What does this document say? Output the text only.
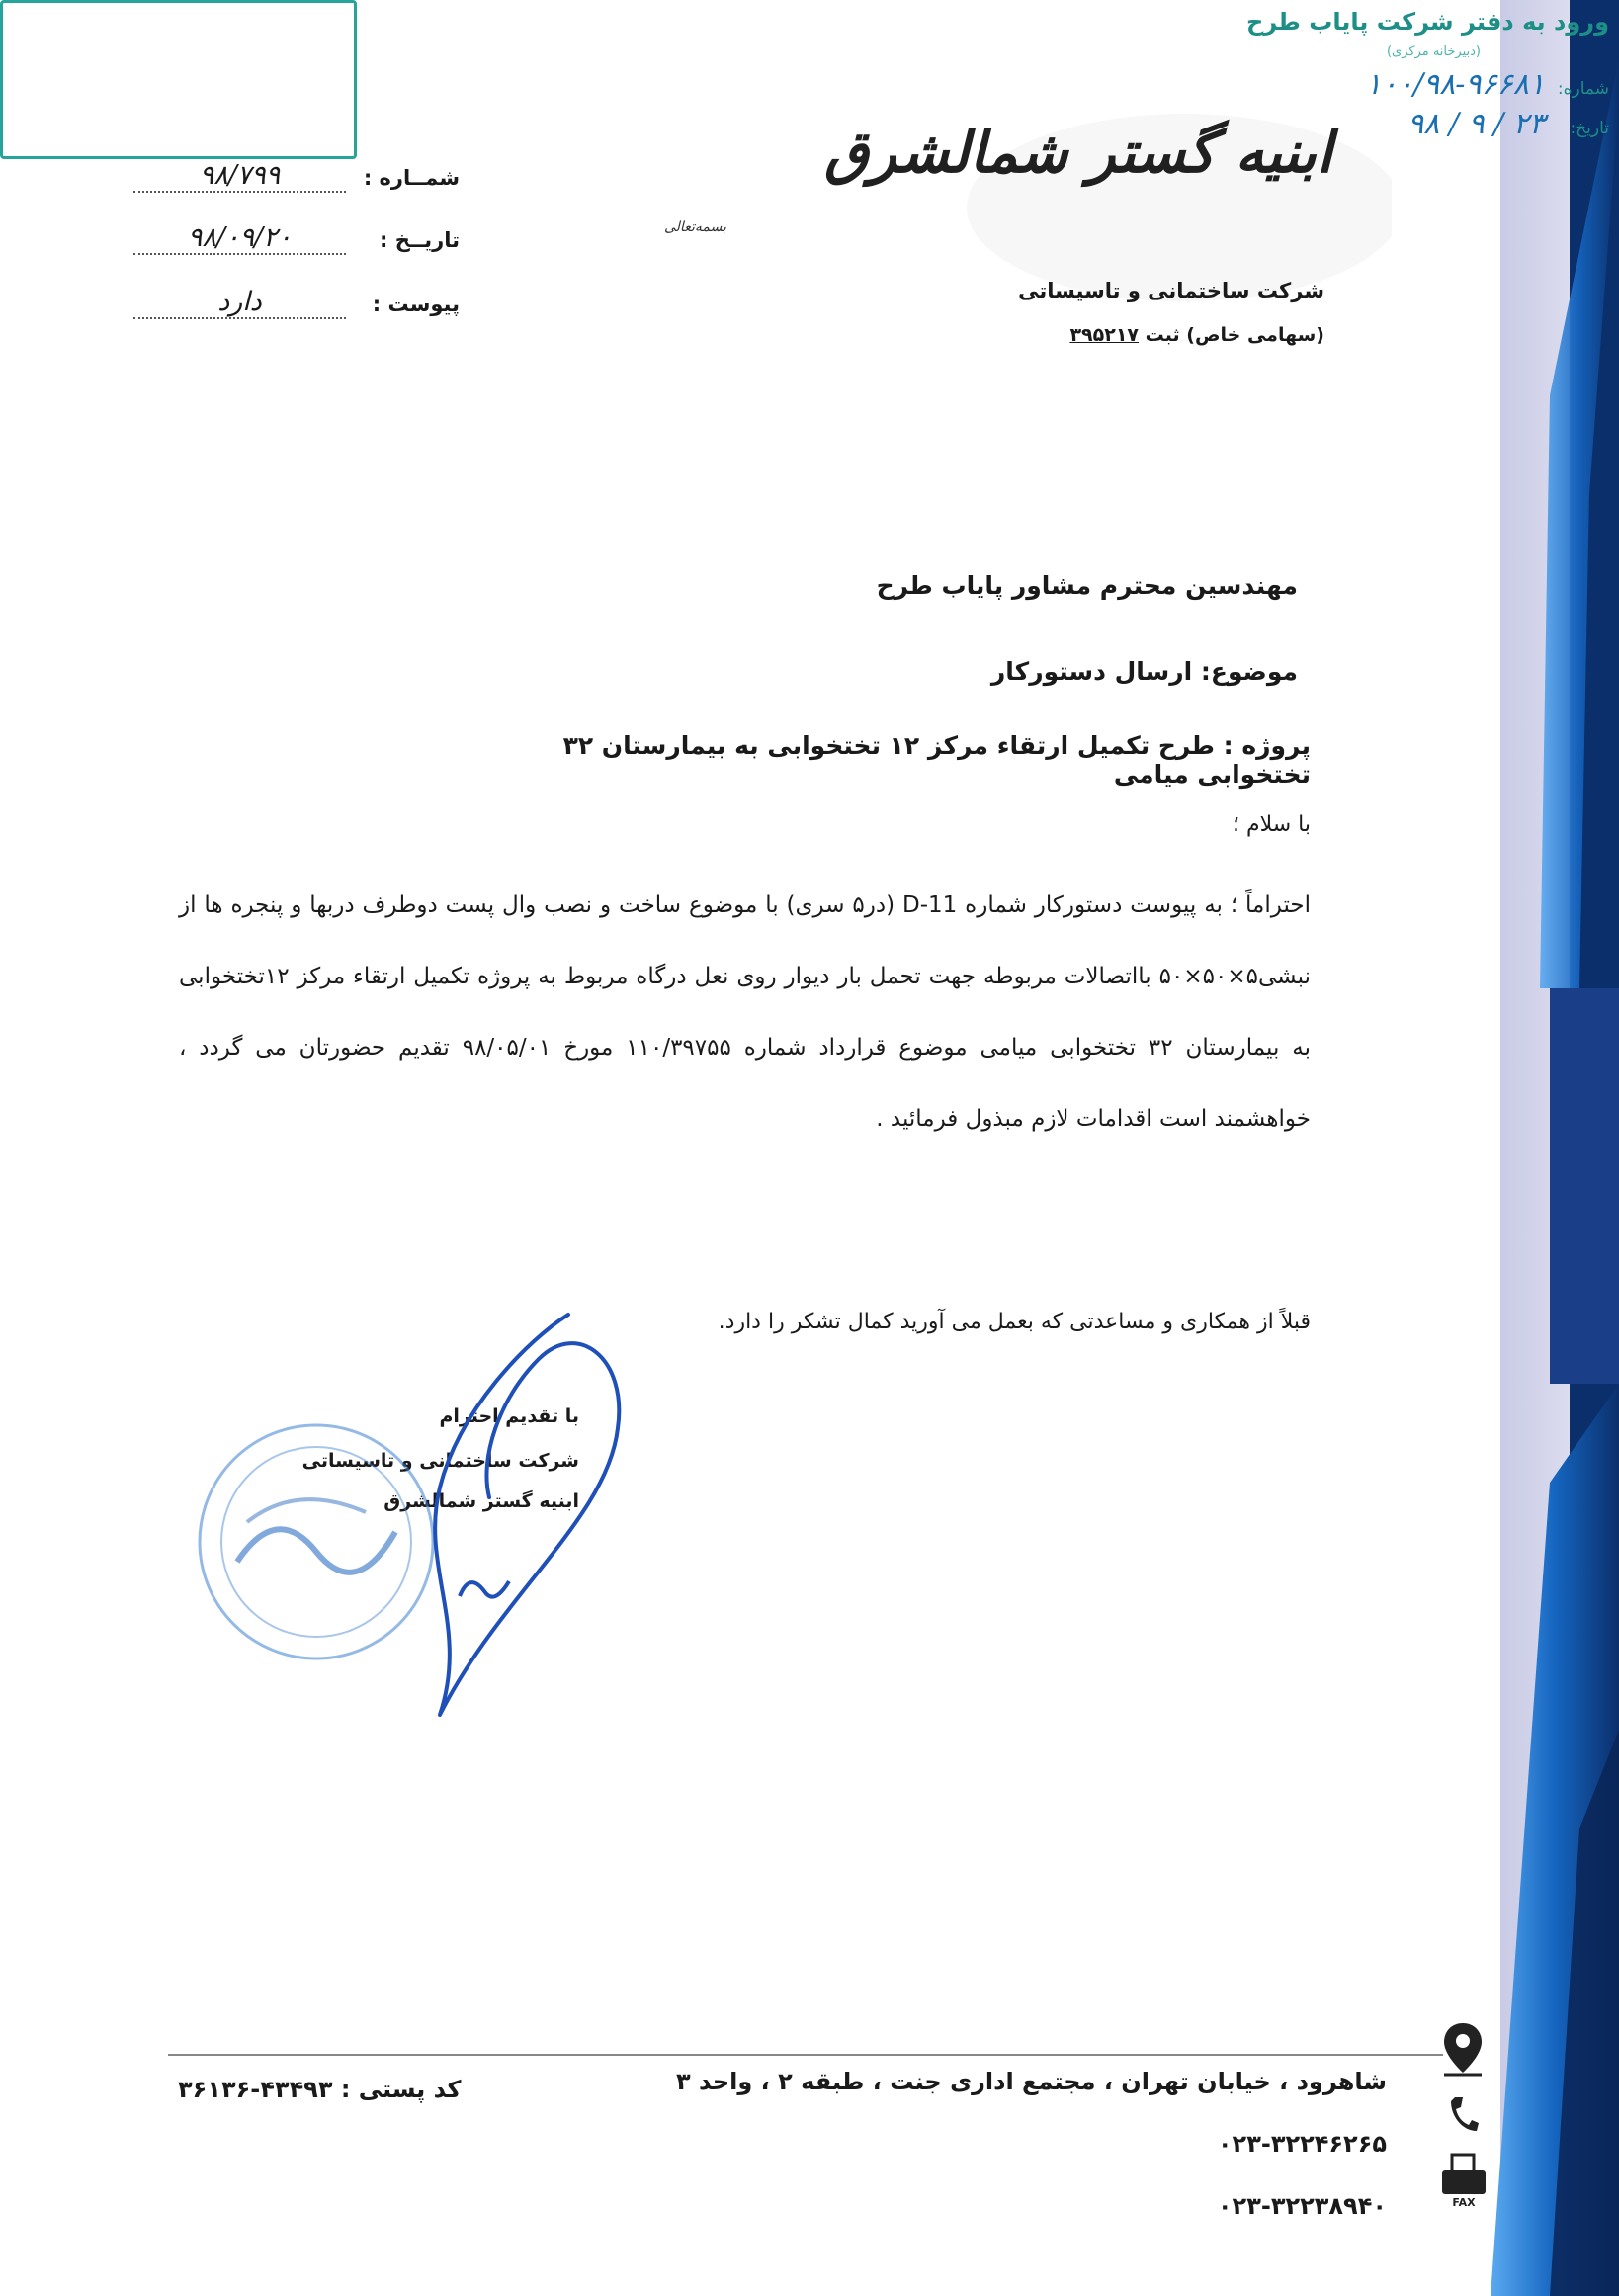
ابنیه گستر شمالشرق
شرکت ساختمانی و تاسیساتی
(سهامی خاص) ثبت ۳۹۵۲۱۷
بسمه‌تعالی
شمــاره :
۹۸/۷۹۹
تاریــخ :
۹۸/۰۹/۲۰
پیوست :
دارد
مهندسین محترم مشاور پایاب طرح
موضوع: ارسال دستورکار
پروژه : طرح تکمیل ارتقاء مرکز ۱۲ تختخوابی به بیمارستان ۳۲ تختخوابی میامی
با سلام ؛
احتراماً ؛ به پیوست دستورکار شماره D-11 (در۵ سری) با موضوع ساخت و نصب وال پست دوطرف دربها و پنجره ها از نبشی۵×۵۰×۵۰ بااتصالات مربوطه جهت تحمل بار دیوار روی نعل درگاه مربوط به پروژه تکمیل ارتقاء مرکز ۱۲تختخوابی به بیمارستان ۳۲ تختخوابی میامی موضوع قرارداد شماره ۱۱۰/۳۹۷۵۵ مورخ ۹۸/۰۵/۰۱ تقدیم حضورتان می گردد ، خواهشمند است اقدامات لازم مبذول فرمائید .
قبلاً از همکاری و مساعدتی که بعمل می آورید کمال تشکر را دارد.
با تقدیم احترام
شرکت ساختمانی و تاسیساتی
ابنیه گستر شمالشرق
ورود به دفتر شرکت پایاب طرح
(دبیرخانه مرکزی)
شماره:
۱۰۰/۹۸-۹۶۶۸۱
تاریخ:
۹۸ / ۹ / ۲۳
شاهرود ، خیابان تهران ، مجتمع اداری جنت ، طبقه ۲ ، واحد ۳
۰۲۳-۳۲۲۴۶۲۶۵
۰۲۳-۳۲۲۳۸۹۴۰
کد پستی : ۴۳۴۹۳-۳۶۱۳۶
FAX
